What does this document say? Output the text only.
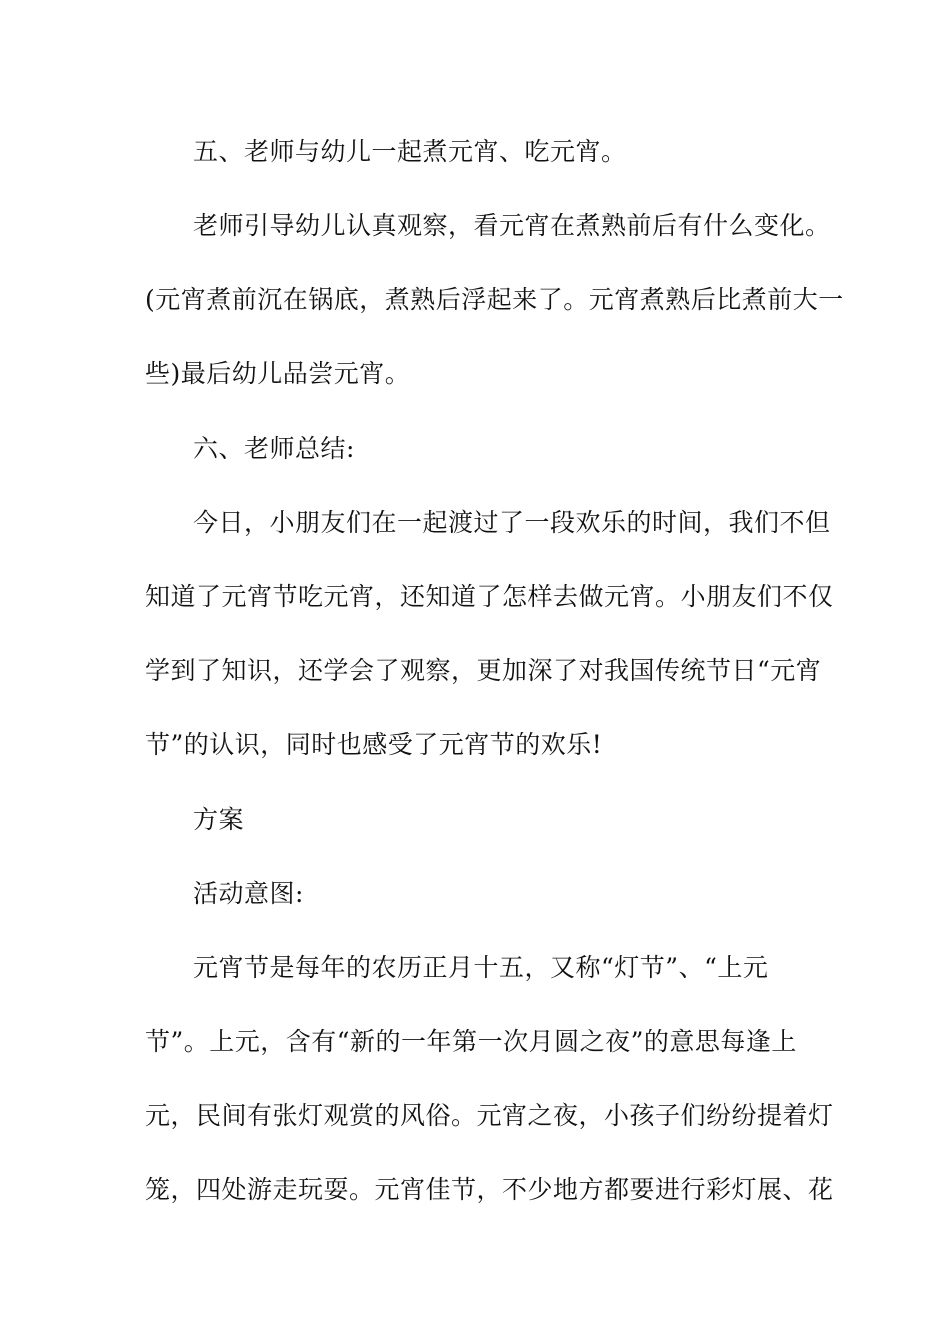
五、老师与幼儿一起煮元宵、吃元宵。
老师引导幼儿认真观察，看元宵在煮熟前后有什么变化。
(元宵煮前沉在锅底，煮熟后浮起来了。元宵煮熟后比煮前大一
些)最后幼儿品尝元宵。
六、老师总结:
今日，小朋友们在一起渡过了一段欢乐的时间，我们不但
知道了元宵节吃元宵，还知道了怎样去做元宵。小朋友们不仅
学到了知识，还学会了观察，更加深了对我国传统节日“元宵
节”的认识，同时也感受了元宵节的欢乐!
方案
活动意图:
元宵节是每年的农历正月十五，又称“灯节”、“上元
节”。上元，含有“新的一年第一次月圆之夜”的意思每逢上
元，民间有张灯观赏的风俗。元宵之夜，小孩子们纷纷提着灯
笼，四处游走玩耍。元宵佳节，不少地方都要进行彩灯展、花
